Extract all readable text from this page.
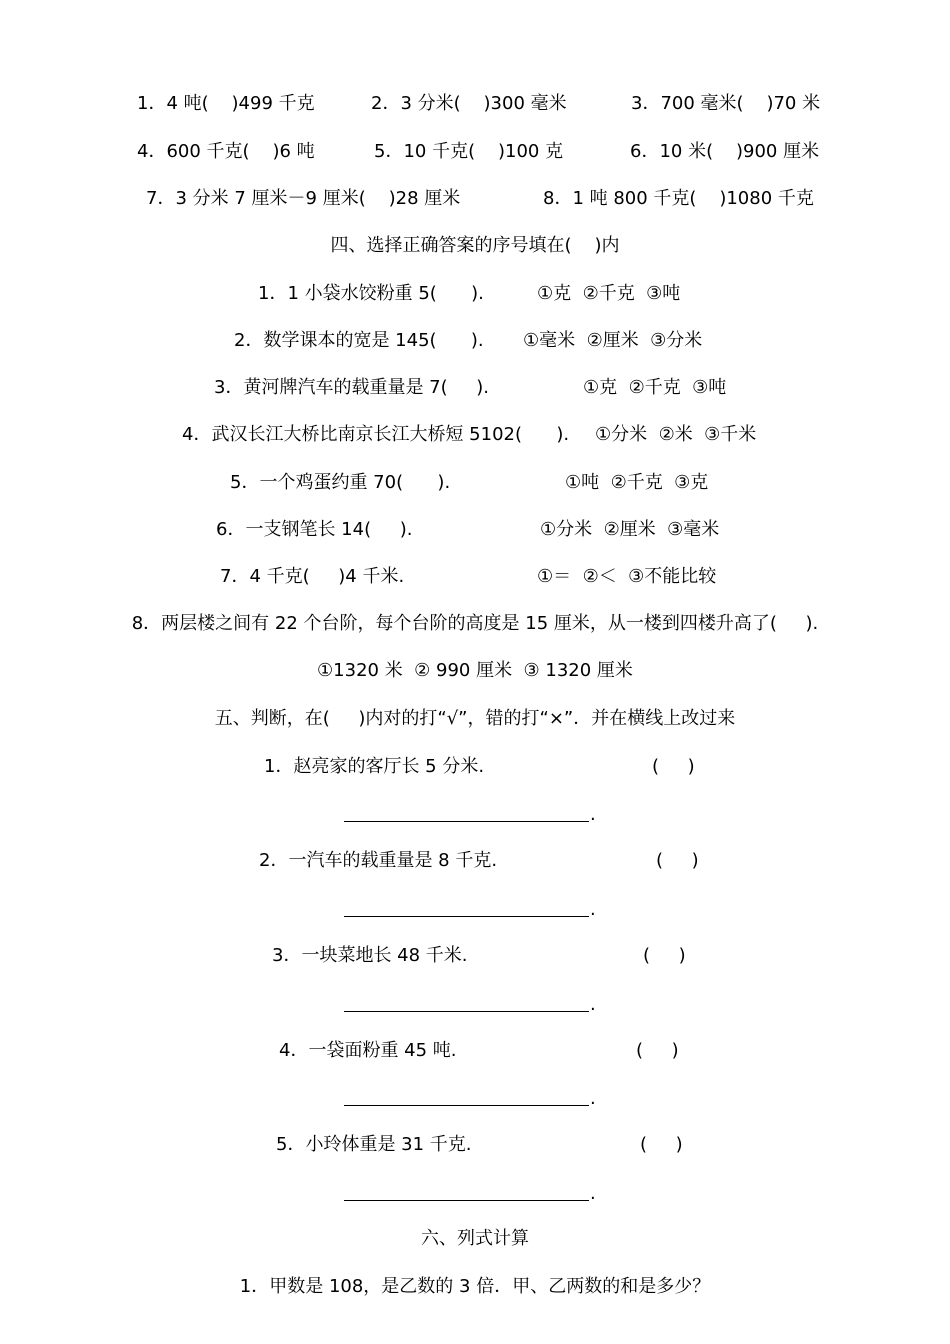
1．4 吨(    )499 千克	2．3 分米(    )300 毫米	3．700 毫米(    )70 米
4．600 千克(    )6 吨	5．10 千克(    )100 克	6．10 米(    )900 厘米
7．3 分米 7 厘米－9 厘米(    )28 厘米	8．1 吨 800 千克(    )1080 千克
四、选择正确答案的序号填在(    )内
1．1 小袋水饺粉重 5(      ).	①克  ②千克  ③吨
2．数学课本的宽是 145(      ). ①毫米  ②厘米  ③分米
3．黄河牌汽车的载重量是 7(     ).	①克  ②千克  ③吨
4．武汉长江大桥比南京长江大桥短 5102(      ). ①分米  ②米  ③千米
5．一个鸡蛋约重 70(      ).	①吨  ②千克  ③克
6．一支钢笔长 14(     ).	①分米  ②厘米  ③毫米
7．4 千克(     )4 千米.	①＝  ②＜  ③不能比较
8．两层楼之间有 22 个台阶，每个台阶的高度是 15 厘米，从一楼到四楼升高了(     ).
①1320 米  ② 990 厘米  ③ 1320 厘米
五、判断，在(     )内对的打“√”，错的打“×”．并在横线上改过来
1．赵亮家的客厅长 5 分米.	(     )
.
2．一汽车的载重量是 8 千克.	(     )
.
3．一块菜地长 48 千米.	(     )
.
4．一袋面粉重 45 吨.	(     )
.
5．小玲体重是 31 千克.	(     )
.
六、列式计算
1．甲数是 108，是乙数的 3 倍．甲、乙两数的和是多少？
